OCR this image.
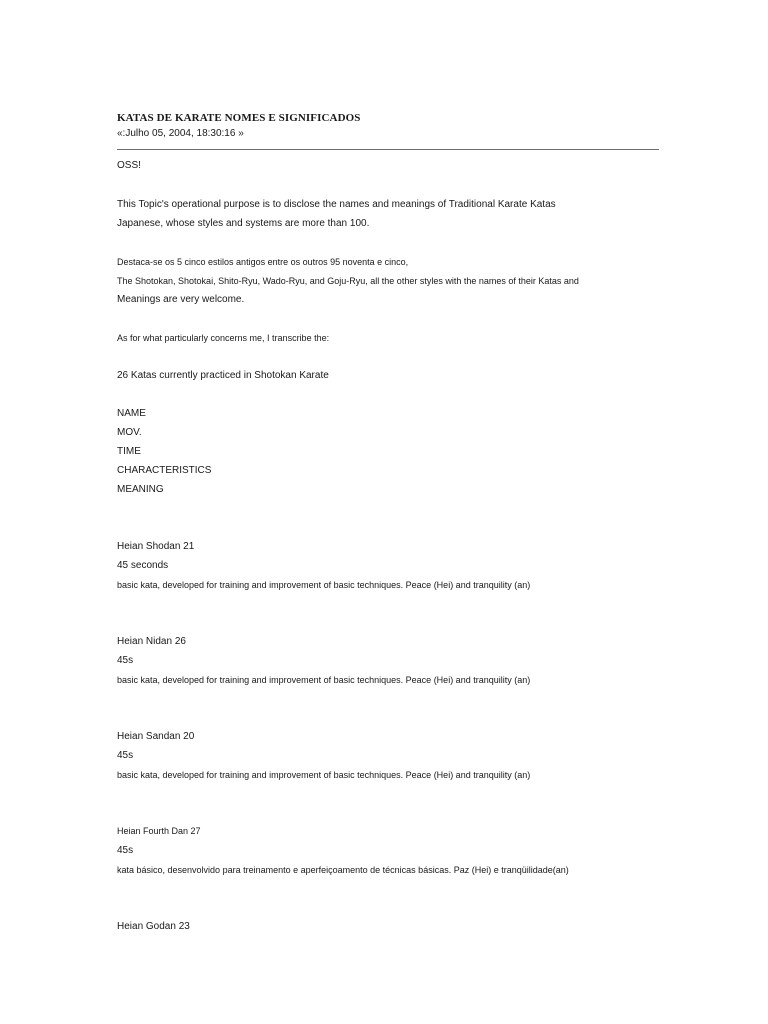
KATAS DE KARATE NOMES E SIGNIFICADOS
«:Julho 05, 2004, 18:30:16 »
OSS!
This Topic's operational purpose is to disclose the names and meanings of Traditional Karate Katas
Japanese, whose styles and systems are more than 100.
Destaca-se os 5 cinco estilos antigos entre os outros 95 noventa e cinco,
The Shotokan, Shotokai, Shito-Ryu, Wado-Ryu, and Goju-Ryu, all the other styles with the names of their Katas and
Meanings are very welcome.
As for what particularly concerns me, I transcribe the:
26 Katas currently practiced in Shotokan Karate
NAME
MOV.
TIME
CHARACTERISTICS
MEANING
Heian Shodan 21
45 seconds
basic kata, developed for training and improvement of basic techniques. Peace (Hei) and tranquility (an)
Heian Nidan 26
45s
basic kata, developed for training and improvement of basic techniques. Peace (Hei) and tranquility (an)
Heian Sandan 20
45s
basic kata, developed for training and improvement of basic techniques. Peace (Hei) and tranquility (an)
Heian Fourth Dan 27
45s
kata básico, desenvolvido para treinamento e aperfeiçoamento de técnicas básicas. Paz (Hei) e tranqüilidade(an)
Heian Godan 23
